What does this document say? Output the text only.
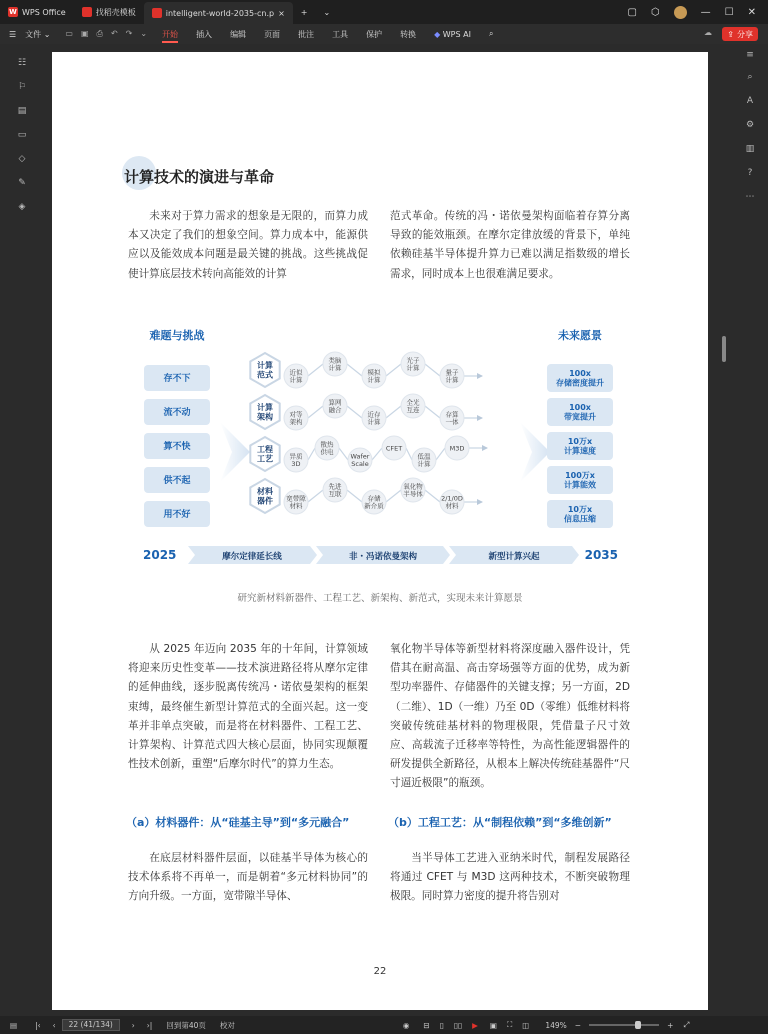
W WPS Office	找稻壳模板	intelligent-world-2035-cn.p ×	+	⌄	▢ ⬡	— ☐ ✕
☰	文件 ⌄	▭ ▣ ⎙ ↶ ↷ ⌄	开始	插入	编辑	页面	批注	工具	保护	转换	◆
WPS AI	⌕	☁ ⇪ 分享
☷
⚐
▤
▭
◇
✎
◈
≡
⌕
A
⚙
▥
?
⋯
计算技术的演进与革命
未来对于算力需求的想象是无限的，而算力成本又决定了我们的想象空间。算力成本中，能源供应以及能效成本问题是最关键的挑战。这些挑战促使计算底层技术转向高能效的计算
范式革命。传统的冯・诺依曼架构面临着存算分离导致的能效瓶颈。在摩尔定律放缓的背景下，单纯依赖硅基半导体提升算力已难以满足指数级的增长需求，同时成本上也很难满足要求。
难题与挑战	未来愿景
存不下
流不动
算不快
供不起
用不好
计算
范式	近似
计算
类脑
计算
模拟
计算
光子
计算
量子
计算
计算
架构	对等
架构
算网
融合
近存
计算
全光
互连
存算
一体
工程
工艺	异质
3D
散热
供电
Wafer
Scale
CFET
低温
计算
M3D
材料
器件 宽带隙
材料
先进
互联
存储
新介质
氧化物
半导体
2/1/0D
材料
100x
存储密度提升
100x
带宽提升
10万x
计算速度
100万x
计算能效
10万x
信息压缩
2025	2035
摩尔定律延长线	非・冯诺依曼架构	新型计算兴起
研究新材料新器件、工程工艺、新架构、新范式，实现未来计算愿景
从 2025 年迈向 2035 年的十年间，计算领域将迎来历史性变革——技术演进路径将从摩尔定律的延伸曲线，逐步脱离传统冯・诺依曼架构的框架束缚，最终催生新型计算范式的全面兴起。这一变革并非单点突破，而是将在材料器件、工程工艺、计算架构、计算范式四大核心层面，协同实现颠覆性技术创新，重塑“后摩尔时代”的算力生态。
氧化物半导体等新型材料将深度融入器件设计，凭借其在耐高温、高击穿场强等方面的优势，成为新型功率器件、存储器件的关键支撑；另一方面，2D（二维）、1D（一维）乃至 0D（零维）低维材料将突破传统硅基材料的物理极限，凭借量子尺寸效应、高载流子迁移率等特性，为高性能逻辑器件的研发提供全新路径，从根本上解决传统硅基器件“尺寸逼近极限”的瓶颈。
（a）材料器件：从“硅基主导”到“多元融合”	（b）工程工艺：从“制程依赖”到“多维创新”
在底层材料器件层面，以硅基半导体为核心的技术体系将不再单一，而是朝着“多元材料协同”的方向升级。一方面，宽带隙半导体、
当半导体工艺进入亚纳米时代，制程发展路径将通过 CFET 与 M3D 这两种技术，不断突破物理极限。同时算力密度的提升将告别对
22
▤ |‹ ‹	22 (41/134)	› ›| 回到第40页 校对	◉ ⊟ ▯ ▯▯ ▶ ▣ ⛶ ◫ 149% −	+ ⤢
